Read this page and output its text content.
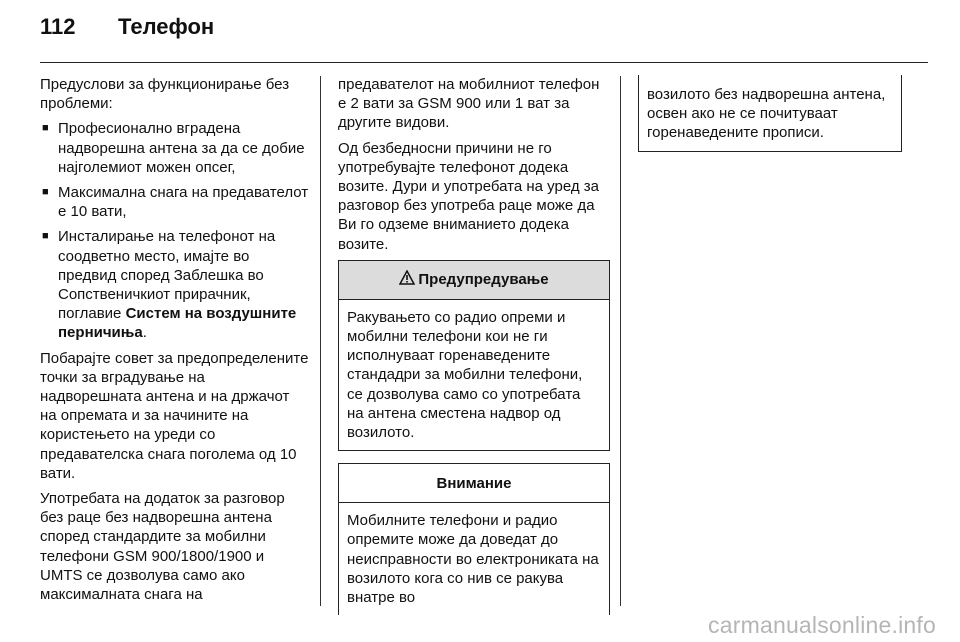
112	Телефон

Предуслови за функционирање без проблеми:

■ Професионално вградена надворешна антена за да се добие најголемиот можен опсег,
■ Максимална снага на предавателот е 10 вати,
■ Инсталирање на телефонот на соодветно место, имајте во предвид според Заблешка во Сопственичкиот прирачник, поглавие Систем на воздушните перничиња.

Побарајте совет за предопределените точки за вградување на надворешната антена и на држачот на опремата и за начините на користењето на уреди со предавателска снага поголема од 10 вати.

Употребата на додаток за разговор без раце без надворешна антена според стандардите за мобилни телефони GSM 900/1800/1900 и UMTS се дозволува само ако максималната снага на

предавателот на мобилниот телефон е 2 вати за GSM 900 или 1 ват за другите видови.

Од безбедносни причини не го употребувајте телефонот додека возите. Дури и употребата на уред за разговор без употреба раце може да Ви го одземе вниманието додека возите.

Предупредување
Ракувањето со радио опреми и мобилни телефони кои не ги исполнуваат горенаведените стандадри за мобилни телефони, се дозволува само со употребата на антена сместена надвор од возилото.
Внимание
Мобилните телефони и радио опремите може да доведат до неисправности во електрониката на возилото кога со нив се ракува внатре во
возилото без надворешна антена, освен ако не се почитуваат горенаведените прописи.
carmanualsonline.info
